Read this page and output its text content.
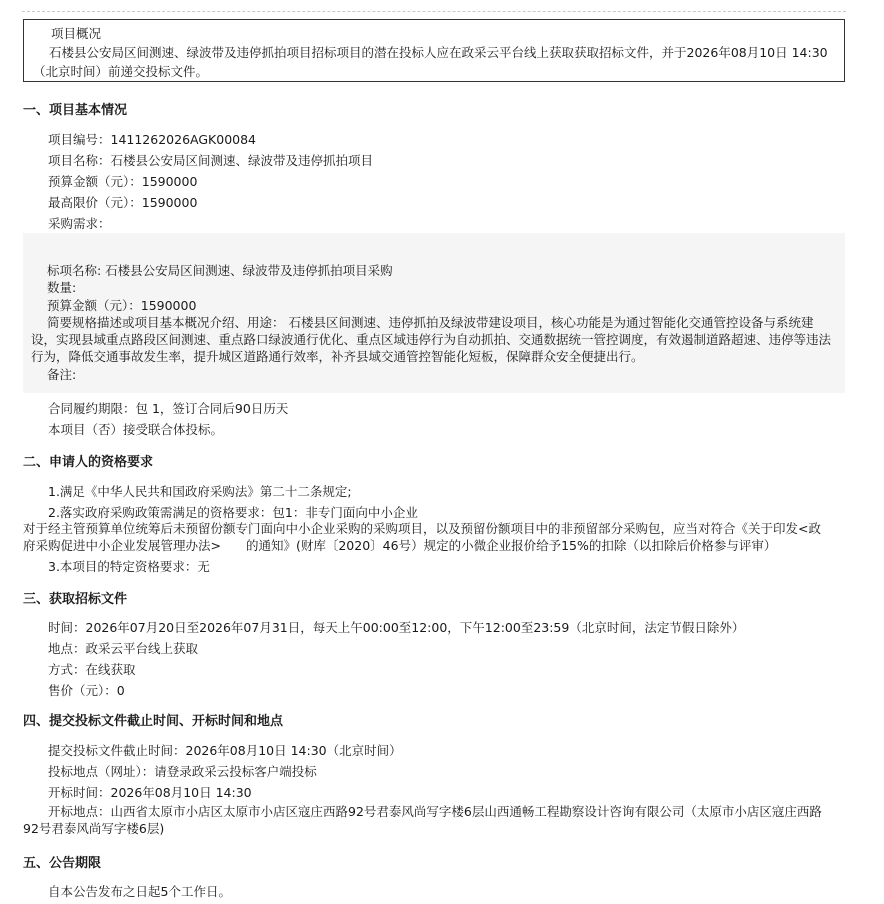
项目概况
石楼县公安局区间测速、绿波带及违停抓拍项目招标项目的潜在投标人应在政采云平台线上获取获取招标文件，并于2026年08月10日 14:30（北京时间）前递交投标文件。
一、项目基本情况
项目编号：1411262026AGK00084
项目名称：石楼县公安局区间测速、绿波带及违停抓拍项目
预算金额（元）：1590000
最高限价（元）：1590000
采购需求：
标项名称: 石楼县公安局区间测速、绿波带及违停抓拍项目采购
数量:
预算金额（元）：1590000
简要规格描述或项目基本概况介绍、用途： 石楼县区间测速、违停抓拍及绿波带建设项目，核心功能是为通过智能化交通管控设备与系统建设，实现县域重点路段区间测速、重点路口绿波通行优化、重点区域违停行为自动抓拍、交通数据统一管控调度，有效遏制道路超速、违停等违法行为，降低交通事故发生率，提升城区道路通行效率，补齐县域交通管控智能化短板，保障群众安全便捷出行。
备注:
合同履约期限：包 1，签订合同后90日历天
本项目（否）接受联合体投标。
二、申请人的资格要求
1.满足《中华人民共和国政府采购法》第二十二条规定;
2.落实政府采购政策需满足的资格要求：包1：非专门面向中小企业
对于经主管预算单位统筹后未预留份额专门面向中小企业采购的采购项目，以及预留份额项目中的非预留部分采购包，应当对符合《关于印发<政府采购促进中小企业发展管理办法>　　的通知》(财库〔2020〕46号）规定的小微企业报价给予15%的扣除（以扣除后价格参与评审）
3.本项目的特定资格要求：无
三、获取招标文件
时间：2026年07月20日至2026年07月31日，每天上午00:00至12:00，下午12:00至23:59（北京时间，法定节假日除外）
地点：政采云平台线上获取
方式：在线获取
售价（元）：0
四、提交投标文件截止时间、开标时间和地点
提交投标文件截止时间：2026年08月10日 14:30（北京时间）
投标地点（网址）：请登录政采云投标客户端投标
开标时间：2026年08月10日 14:30
开标地点：山西省太原市小店区太原市小店区寇庄西路92号君泰风尚写字楼6层山西通畅工程勘察设计咨询有限公司（太原市小店区寇庄西路92号君泰风尚写字楼6层)
五、公告期限
自本公告发布之日起5个工作日。
